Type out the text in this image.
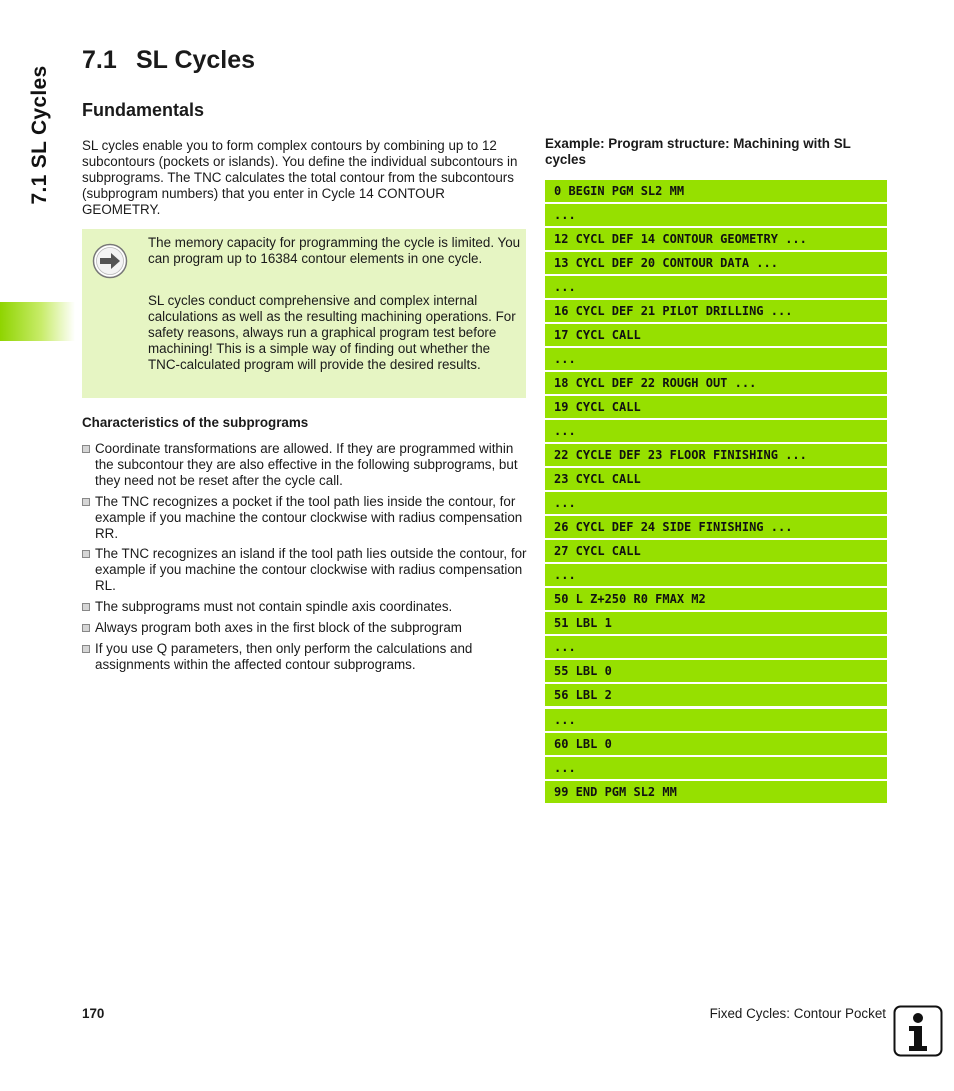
7.1 SL Cycles
7.1 SL Cycles
Fundamentals

SL cycles enable you to form complex contours by combining up to 12 subcontours (pockets or islands). You define the individual subcontours in subprograms. The TNC calculates the total contour from the subcontours (subprogram numbers) that you enter in Cycle 14 CONTOUR GEOMETRY.

The memory capacity for programming the cycle is limited. You can program up to 16384 contour elements in one cycle.

SL cycles conduct comprehensive and complex internal calculations as well as the resulting machining operations. For safety reasons, always run a graphical program test before machining! This is a simple way of finding out whether the TNC-calculated program will provide the desired results.

Characteristics of the subprograms
Coordinate transformations are allowed. If they are programmed within the subcontour they are also effective in the following subprograms, but they need not be reset after the cycle call.
The TNC recognizes a pocket if the tool path lies inside the contour, for example if you machine the contour clockwise with radius compensation RR.
The TNC recognizes an island if the tool path lies outside the contour, for example if you machine the contour clockwise with radius compensation RL.
The subprograms must not contain spindle axis coordinates.
Always program both axes in the first block of the subprogram
If you use Q parameters, then only perform the calculations and assignments within the affected contour subprograms.

Example: Program structure: Machining with SL cycles

0 BEGIN PGM SL2 MM
...
12 CYCL DEF 14 CONTOUR GEOMETRY ...
13 CYCL DEF 20 CONTOUR DATA ...
...
16 CYCL DEF 21 PILOT DRILLING ...
17 CYCL CALL
...
18 CYCL DEF 22 ROUGH OUT ...
19 CYCL CALL
...
22 CYCLE DEF 23 FLOOR FINISHING ...
23 CYCL CALL
...
26 CYCL DEF 24 SIDE FINISHING ...
27 CYCL CALL
...
50 L Z+250 R0 FMAX M2
51 LBL 1
...
55 LBL 0
56 LBL 2
...
60 LBL 0
...
99 END PGM SL2 MM
170	Fixed Cycles: Contour Pocket
